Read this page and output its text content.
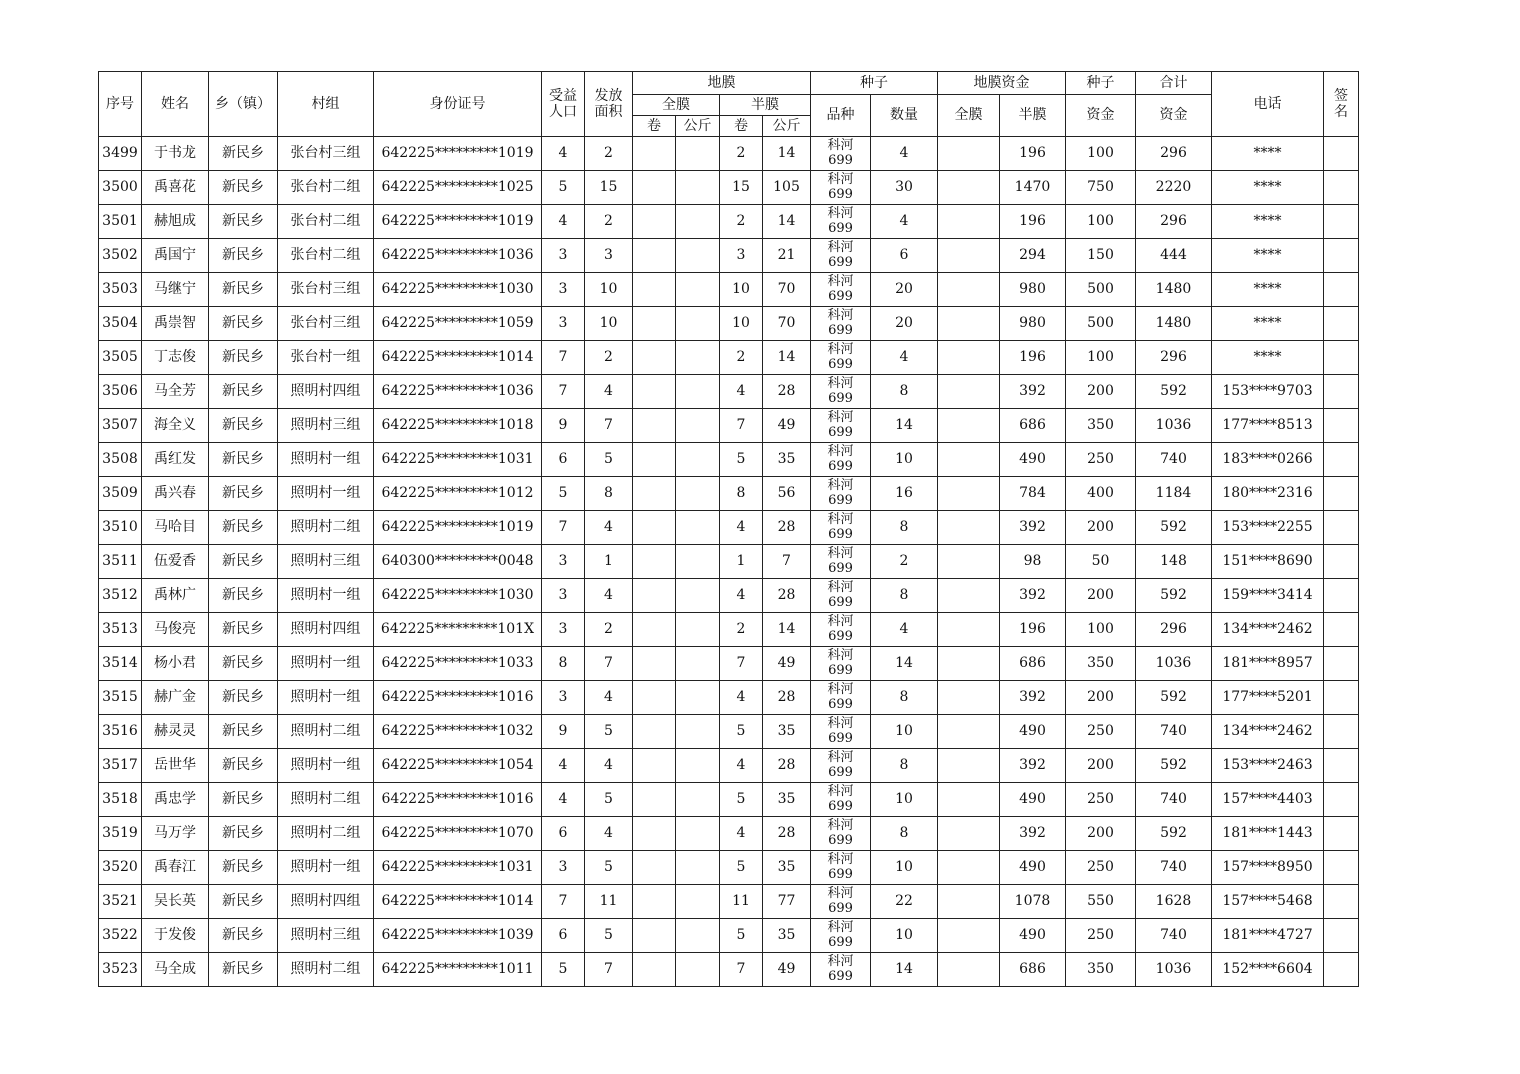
序号	姓名	乡（镇）	村组	身份证号	受益
人口	发放
面积	地膜				种子		地膜资金		种子	合计	电话	签
名
							全膜		半膜		品种	数量	全膜	半膜	资金	资金		
							卷	公斤	卷	公斤								
3499	于书龙	新民乡	张台村三组	642225*********1019	4	2			2	14	科河
699	4		196	100	296	****	
3500	禹喜花	新民乡	张台村二组	642225*********1025	5	15			15	105	科河
699	30		1470	750	2220	****	
3501	赫旭成	新民乡	张台村二组	642225*********1019	4	2			2	14	科河
699	4		196	100	296	****	
3502	禹国宁	新民乡	张台村二组	642225*********1036	3	3			3	21	科河
699	6		294	150	444	****	
3503	马继宁	新民乡	张台村三组	642225*********1030	3	10			10	70	科河
699	20		980	500	1480	****	
3504	禹崇智	新民乡	张台村三组	642225*********1059	3	10			10	70	科河
699	20		980	500	1480	****	
3505	丁志俊	新民乡	张台村一组	642225*********1014	7	2			2	14	科河
699	4		196	100	296	****	
3506	马全芳	新民乡	照明村四组	642225*********1036	7	4			4	28	科河
699	8		392	200	592	153****9703	
3507	海全义	新民乡	照明村三组	642225*********1018	9	7			7	49	科河
699	14		686	350	1036	177****8513	
3508	禹红发	新民乡	照明村一组	642225*********1031	6	5			5	35	科河
699	10		490	250	740	183****0266	
3509	禹兴春	新民乡	照明村一组	642225*********1012	5	8			8	56	科河
699	16		784	400	1184	180****2316	
3510	马哈目	新民乡	照明村二组	642225*********1019	7	4			4	28	科河
699	8		392	200	592	153****2255	
3511	伍爱香	新民乡	照明村三组	640300*********0048	3	1			1	7	科河
699	2		98	50	148	151****8690	
3512	禹林广	新民乡	照明村一组	642225*********1030	3	4			4	28	科河
699	8		392	200	592	159****3414	
3513	马俊亮	新民乡	照明村四组	642225*********101X	3	2			2	14	科河
699	4		196	100	296	134****2462	
3514	杨小君	新民乡	照明村一组	642225*********1033	8	7			7	49	科河
699	14		686	350	1036	181****8957	
3515	赫广金	新民乡	照明村一组	642225*********1016	3	4			4	28	科河
699	8		392	200	592	177****5201	
3516	赫灵灵	新民乡	照明村二组	642225*********1032	9	5			5	35	科河
699	10		490	250	740	134****2462	
3517	岳世华	新民乡	照明村一组	642225*********1054	4	4			4	28	科河
699	8		392	200	592	153****2463	
3518	禹忠学	新民乡	照明村二组	642225*********1016	4	5			5	35	科河
699	10		490	250	740	157****4403	
3519	马万学	新民乡	照明村二组	642225*********1070	6	4			4	28	科河
699	8		392	200	592	181****1443	
3520	禹春江	新民乡	照明村一组	642225*********1031	3	5			5	35	科河
699	10		490	250	740	157****8950	
3521	吴长英	新民乡	照明村四组	642225*********1014	7	11			11	77	科河
699	22		1078	550	1628	157****5468	
3522	于发俊	新民乡	照明村三组	642225*********1039	6	5			5	35	科河
699	10		490	250	740	181****4727	
3523	马全成	新民乡	照明村二组	642225*********1011	5	7			7	49	科河
699	14		686	350	1036	152****6604	
